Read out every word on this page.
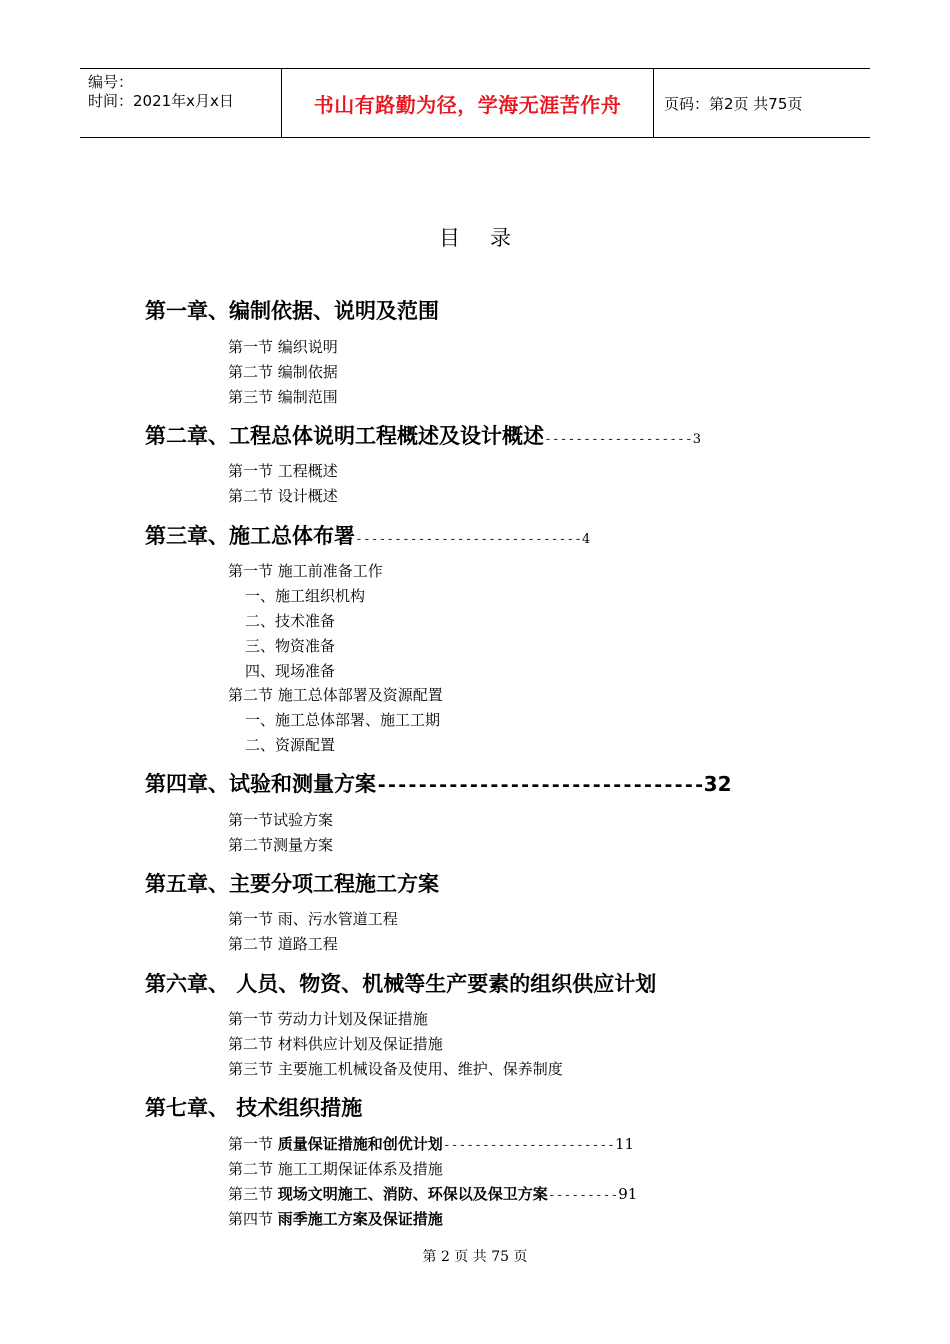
编号：
时间：2021年x月x日	书山有路勤为径，学海无涯苦作舟	页码：第2页 共75页
目录
第一章、编制依据、说明及范围
第一节 编织说明
第二节 编制依据
第三节 编制范围
第二章、工程总体说明工程概述及设计概述-------------------3
第一节 工程概述
第二节 设计概述
第三章、施工总体布署-----------------------------4
第一节 施工前准备工作
一、施工组织机构
二、技术准备
三、物资准备
四、现场准备
第二节 施工总体部署及资源配置
一、施工总体部署、施工工期
二、资源配置
第四章、试验和测量方案--------------------------------32
第一节试验方案
第二节测量方案
第五章、主要分项工程施工方案
第一节 雨、污水管道工程
第二节 道路工程
第六章、 人员、物资、机械等生产要素的组织供应计划
第一节 劳动力计划及保证措施
第二节 材料供应计划及保证措施
第三节 主要施工机械设备及使用、维护、保养制度
第七章、 技术组织措施
第一节 质量保证措施和创优计划----------------------11
第二节 施工工期保证体系及措施
第三节 现场文明施工、消防、环保以及保卫方案---------91
第四节 雨季施工方案及保证措施
第 2 页 共 75 页
